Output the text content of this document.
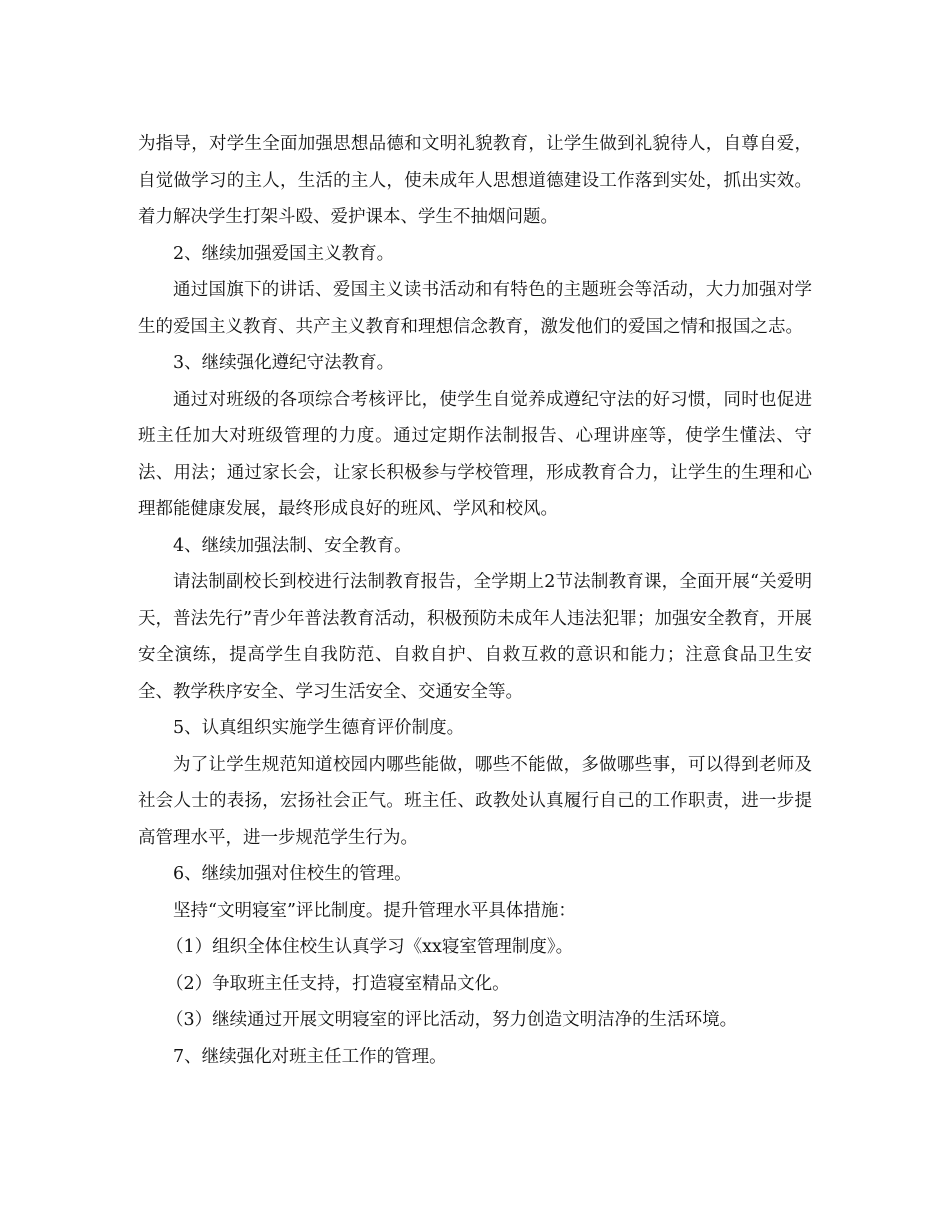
为指导，对学生全面加强思想品德和文明礼貌教育，让学生做到礼貌待人，自尊自爱，自觉做学习的主人，生活的主人，使未成年人思想道德建设工作落到实处，抓出实效。着力解决学生打架斗殴、爱护课本、学生不抽烟问题。

2、继续加强爱国主义教育。

通过国旗下的讲话、爱国主义读书活动和有特色的主题班会等活动，大力加强对学生的爱国主义教育、共产主义教育和理想信念教育，激发他们的爱国之情和报国之志。

3、继续强化遵纪守法教育。

通过对班级的各项综合考核评比，使学生自觉养成遵纪守法的好习惯，同时也促进班主任加大对班级管理的力度。通过定期作法制报告、心理讲座等，使学生懂法、守法、用法；通过家长会，让家长积极参与学校管理，形成教育合力，让学生的生理和心理都能健康发展，最终形成良好的班风、学风和校风。

4、继续加强法制、安全教育。

请法制副校长到校进行法制教育报告，全学期上2节法制教育课，全面开展“关爱明天，普法先行”青少年普法教育活动，积极预防未成年人违法犯罪；加强安全教育，开展安全演练，提高学生自我防范、自救自护、自救互救的意识和能力；注意食品卫生安全、教学秩序安全、学习生活安全、交通安全等。

5、认真组织实施学生德育评价制度。

为了让学生规范知道校园内哪些能做，哪些不能做，多做哪些事，可以得到老师及社会人士的表扬，宏扬社会正气。班主任、政教处认真履行自己的工作职责，进一步提高管理水平，进一步规范学生行为。

6、继续加强对住校生的管理。

坚持“文明寝室”评比制度。提升管理水平具体措施：

（1）组织全体住校生认真学习《xx寝室管理制度》。

（2）争取班主任支持，打造寝室精品文化。

（3）继续通过开展文明寝室的评比活动，努力创造文明洁净的生活环境。

7、继续强化对班主任工作的管理。
